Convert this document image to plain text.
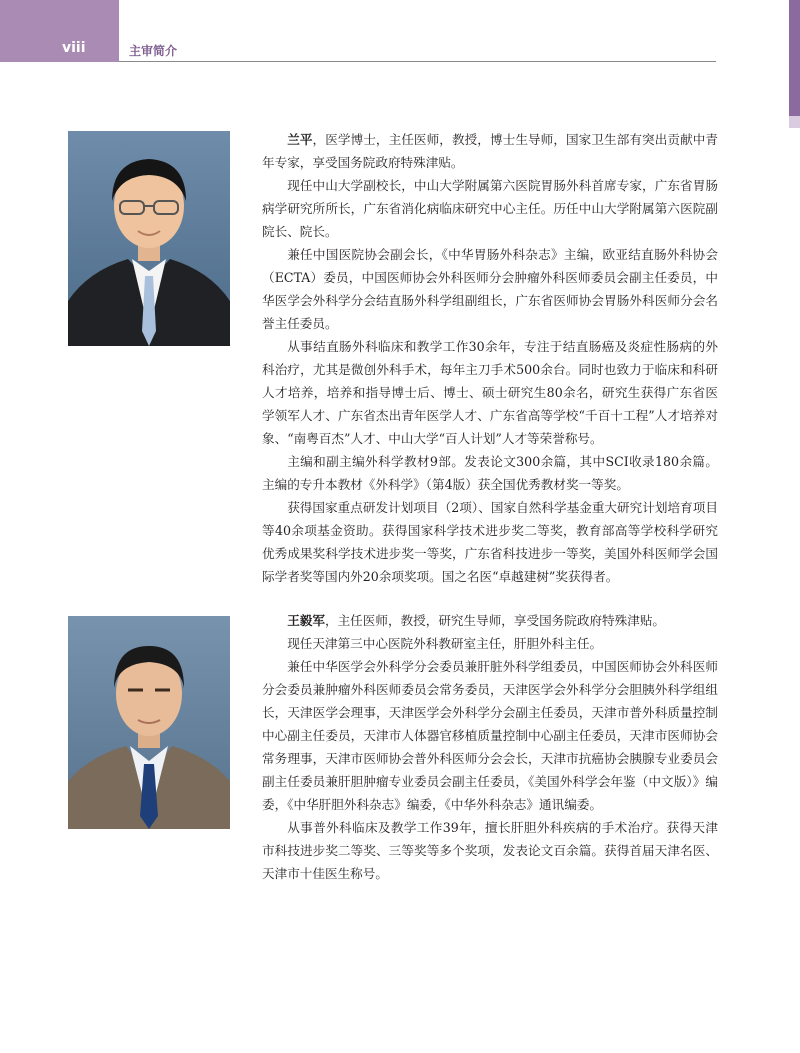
viii	主审简介

兰平，医学博士，主任医师，教授，博士生导师，国家卫生部有突出贡献中青年专家，享受国务院政府特殊津贴。

现任中山大学副校长，中山大学附属第六医院胃肠外科首席专家，广东省胃肠病学研究所所长，广东省消化病临床研究中心主任。历任中山大学附属第六医院副院长、院长。

兼任中国医院协会副会长，《中华胃肠外科杂志》主编，欧亚结直肠外科协会（ECTA）委员，中国医师协会外科医师分会肿瘤外科医师委员会副主任委员，中华医学会外科学分会结直肠外科学组副组长，广东省医师协会胃肠外科医师分会名誉主任委员。

从事结直肠外科临床和教学工作30余年，专注于结直肠癌及炎症性肠病的外科治疗，尤其是微创外科手术，每年主刀手术500余台。同时也致力于临床和科研人才培养，培养和指导博士后、博士、硕士研究生80余名，研究生获得广东省医学领军人才、广东省杰出青年医学人才、广东省高等学校“千百十工程”人才培养对象、“南粤百杰”人才、中山大学“百人计划”人才等荣誉称号。

主编和副主编外科学教材9部。发表论文300余篇，其中SCI收录180余篇。主编的专升本教材《外科学》（第4版）获全国优秀教材奖一等奖。

获得国家重点研发计划项目（2项）、国家自然科学基金重大研究计划培育项目等40余项基金资助。获得国家科学技术进步奖二等奖，教育部高等学校科学研究优秀成果奖科学技术进步奖一等奖，广东省科技进步一等奖，美国外科医师学会国际学者奖等国内外20余项奖项。国之名医“卓越建树”奖获得者。

王毅军，主任医师，教授，研究生导师，享受国务院政府特殊津贴。

现任天津第三中心医院外科教研室主任，肝胆外科主任。

兼任中华医学会外科学分会委员兼肝脏外科学组委员，中国医师协会外科医师分会委员兼肿瘤外科医师委员会常务委员，天津医学会外科学分会胆胰外科学组组长，天津医学会理事，天津医学会外科学分会副主任委员，天津市普外科质量控制中心副主任委员，天津市人体器官移植质量控制中心副主任委员，天津市医师协会常务理事，天津市医师协会普外科医师分会会长，天津市抗癌协会胰腺专业委员会副主任委员兼肝胆肿瘤专业委员会副主任委员，《美国外科学会年鉴（中文版）》编委，《中华肝胆外科杂志》编委，《中华外科杂志》通讯编委。

从事普外科临床及教学工作39年，擅长肝胆外科疾病的手术治疗。获得天津市科技进步奖二等奖、三等奖等多个奖项，发表论文百余篇。获得首届天津名医、天津市十佳医生称号。
